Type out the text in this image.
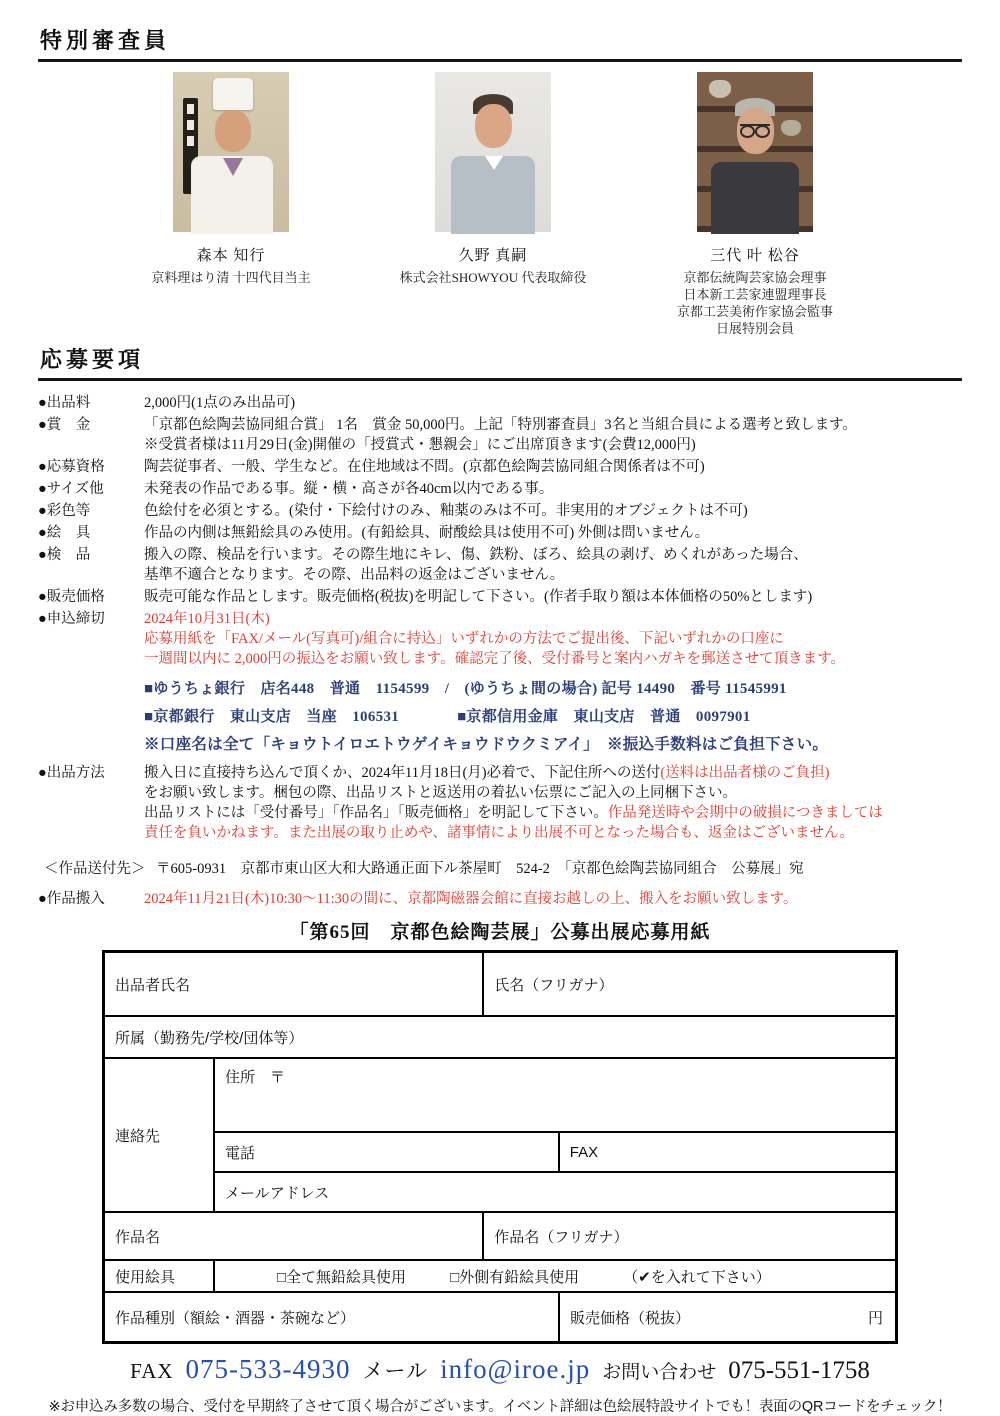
特別審査員
森本 知行
京料理はり清 十四代目当主
久野 真嗣
株式会社SHOWYOU 代表取締役
三代 叶 松谷
京都伝統陶芸家協会理事
日本新工芸家連盟理事長
京都工芸美術作家協会監事
日展特別会員
応募要項
●出品料	2,000円(1点のみ出品可)
●賞　金	「京都色絵陶芸協同組合賞」 1名　賞金 50,000円。上記「特別審査員」3名と当組合員による選考と致します。
※受賞者様は11月29日(金)開催の「授賞式・懇親会」にご出席頂きます(会費12,000円)
●応募資格	陶芸従事者、一般、学生など。在住地域は不問。(京都色絵陶芸協同組合関係者は不可)
●サイズ他	未発表の作品である事。縦・横・高さが各40cm以内である事。
●彩色等	色絵付を必須とする。(染付・下絵付けのみ、釉薬のみは不可。非実用的オブジェクトは不可)
●絵　具	作品の内側は無鉛絵具のみ使用。(有鉛絵具、耐酸絵具は使用不可) 外側は問いません。
●検　品	搬入の際、検品を行います。その際生地にキレ、傷、鉄粉、ぼろ、絵具の剥げ、めくれがあった場合、
基準不適合となります。その際、出品料の返金はございません。
●販売価格	販売可能な作品とします。販売価格(税抜)を明記して下さい。(作者手取り額は本体価格の50%とします)
●申込締切	2024年10月31日(木)
応募用紙を「FAX/メール(写真可)/組合に持込」いずれかの方法でご提出後、下記いずれかの口座に
一週間以内に 2,000円の振込をお願い致します。確認完了後、受付番号と案内ハガキを郵送させて頂きます。
■ゆうちょ銀行　店名448　普通　1154599　/　(ゆうちょ間の場合) 記号 14490　番号 11545991
■京都銀行　東山支店　当座　106531	■京都信用金庫　東山支店　普通　0097901
※口座名は全て「キョウトイロエトウゲイキョウドウクミアイ」　※振込手数料はご負担下さい。
●出品方法	搬入日に直接持ち込んで頂くか、2024年11月18日(月)必着で、下記住所への送付(送料は出品者様のご負担)
をお願い致します。梱包の際、出品リストと返送用の着払い伝票にご記入の上同梱下さい。
出品リストには「受付番号」「作品名」「販売価格」を明記して下さい。作品発送時や会期中の破損につきましては
責任を負いかねます。また出展の取り止めや、諸事情により出展不可となった場合も、返金はございません。
＜作品送付先＞ 〒605-0931　京都市東山区大和大路通正面下ル茶屋町　524-2　「京都色絵陶芸協同組合　公募展」宛
●作品搬入	2024年11月21日(木)10:30～11:30の間に、京都陶磁器会館に直接お越しの上、搬入をお願い致します。
「第65回　京都色絵陶芸展」公募出展応募用紙
出品者氏名	氏名（フリガナ）
所属（勤務先/学校/団体等）
連絡先
住所　〒
電話	FAX
メールアドレス
作品名	作品名（フリガナ）
使用絵具	□全て無鉛絵具使用	□外側有鉛絵具使用	（✔を入れて下さい）
作品種別（額絵・酒器・茶碗など）	販売価格（税抜）	円
FAX 075-533-4930 メール info@iroe.jp お問い合わせ 075-551-1758
※お申込み多数の場合、受付を早期終了させて頂く場合がございます。イベント詳細は色絵展特設サイトでも！表面のQRコードをチェック！
